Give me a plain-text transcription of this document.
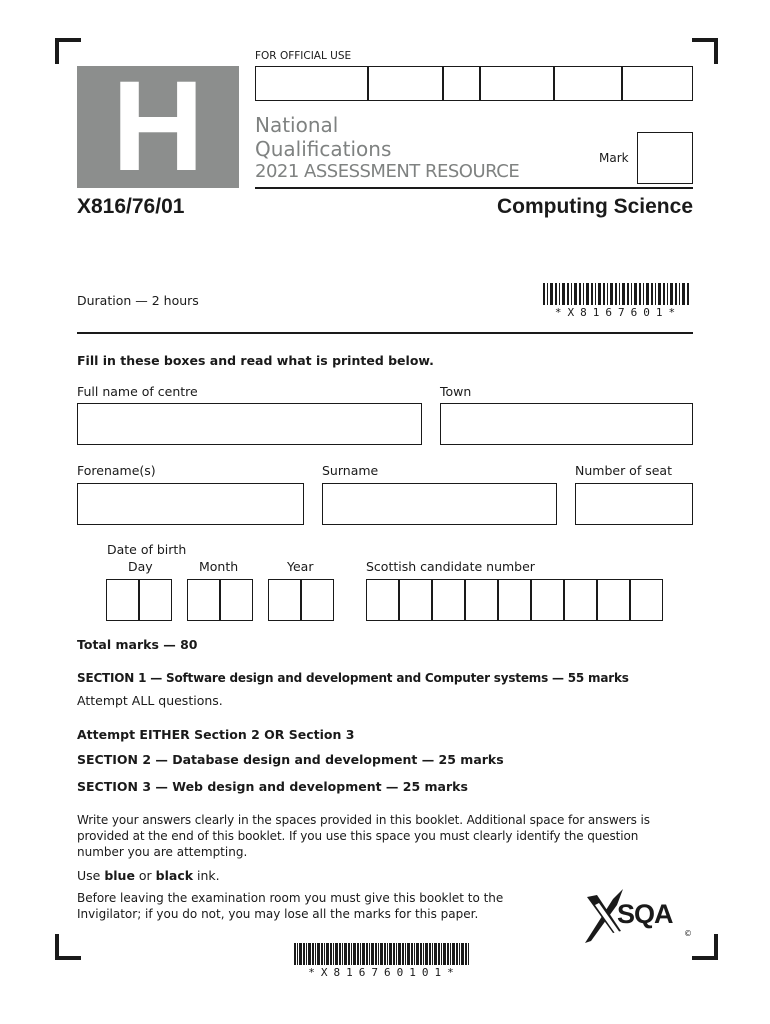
H	FOR OFFICIAL USE
National
Qualifications
2021 ASSESSMENT RESOURCE
Mark
X816/76/01	Computing Science
Duration — 2 hours
*X8167601*
Fill in these boxes and read what is printed below.
Full name of centre	Town
Forename(s)	Surname	Number of seat
Date of birth
Day	Month	Year	Scottish candidate number
Total marks — 80
SECTION 1 — Software design and development and Computer systems — 55 marks
Attempt ALL questions.
Attempt EITHER Section 2 OR Section 3
SECTION 2 — Database design and development — 25 marks
SECTION 3 — Web design and development — 25 marks
Write your answers clearly in the spaces provided in this booklet. Additional space for answers is
provided at the end of this booklet. If you use this space you must clearly identify the question
number you are attempting.
Use blue or black ink.
Before leaving the examination room you must give this booklet to the
Invigilator; if you do not, you may lose all the marks for this paper.	SQA
©
*X816760101*
